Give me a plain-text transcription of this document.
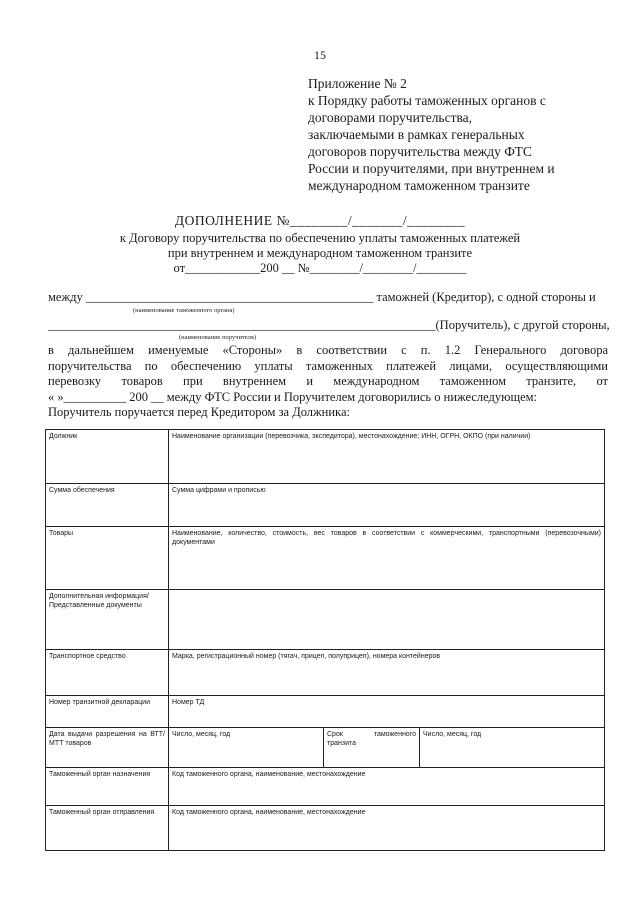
15
Приложение № 2
к Порядку работы таможенных органов с
договорами поручительства,
заключаемыми в рамках генеральных
договоров поручительства между ФТС
России и поручителями, при внутреннем и
международном таможенном транзите
ДОПОЛНЕНИЕ №________/_______/________
к Договору поручительства по обеспечению уплаты таможенных платежей
при внутреннем и международном таможенном транзите
от____________200 __ №________/________/________
между ______________________________________________ таможней (Кредитор), с одной стороны и
(наименование таможенного органа)
______________________________________________________________(Поручитель), с другой стороны,
(наименование поручителя)
в дальнейшем именуемые «Стороны» в соответствии с п. 1.2 Генерального договора
поручительства по обеспечению уплаты таможенных платежей лицами, осуществляющими
перевозку товаров при внутреннем и международном таможенном транзите, от
« »__________ 200 __ между ФТС России и Поручителем договорились о нижеследующем:
Поручитель поручается перед Кредитором за Должника:
Должник	Наименование организации (перевозчика, экспедитора), местонахождение; ИНН, ОГРН, ОКПО (при наличии)		
Сумма обеспечения	Сумма цифрами и прописью		
Товары	Наименование, количество, стоимость, вес товаров в соответствии с коммерческими, транспортными (перевозочными) документами		
Дополнительная информация/Представленные документы			
Транспортное средство	Марка, регистрационный номер (тягач, прицеп, полуприцеп), номера контейнеров		
Номер транзитной декларации	Номер ТД		
Дата выдачи разрешения на ВТТ/МТТ товаров	Число, месяц, год	Срок таможенного транзита	Число, месяц, год
Таможенный орган назначения	Код таможенного органа, наименование, местонахождение		
Таможенный орган отправления	Код таможенного органа, наименование, местонахождение		
